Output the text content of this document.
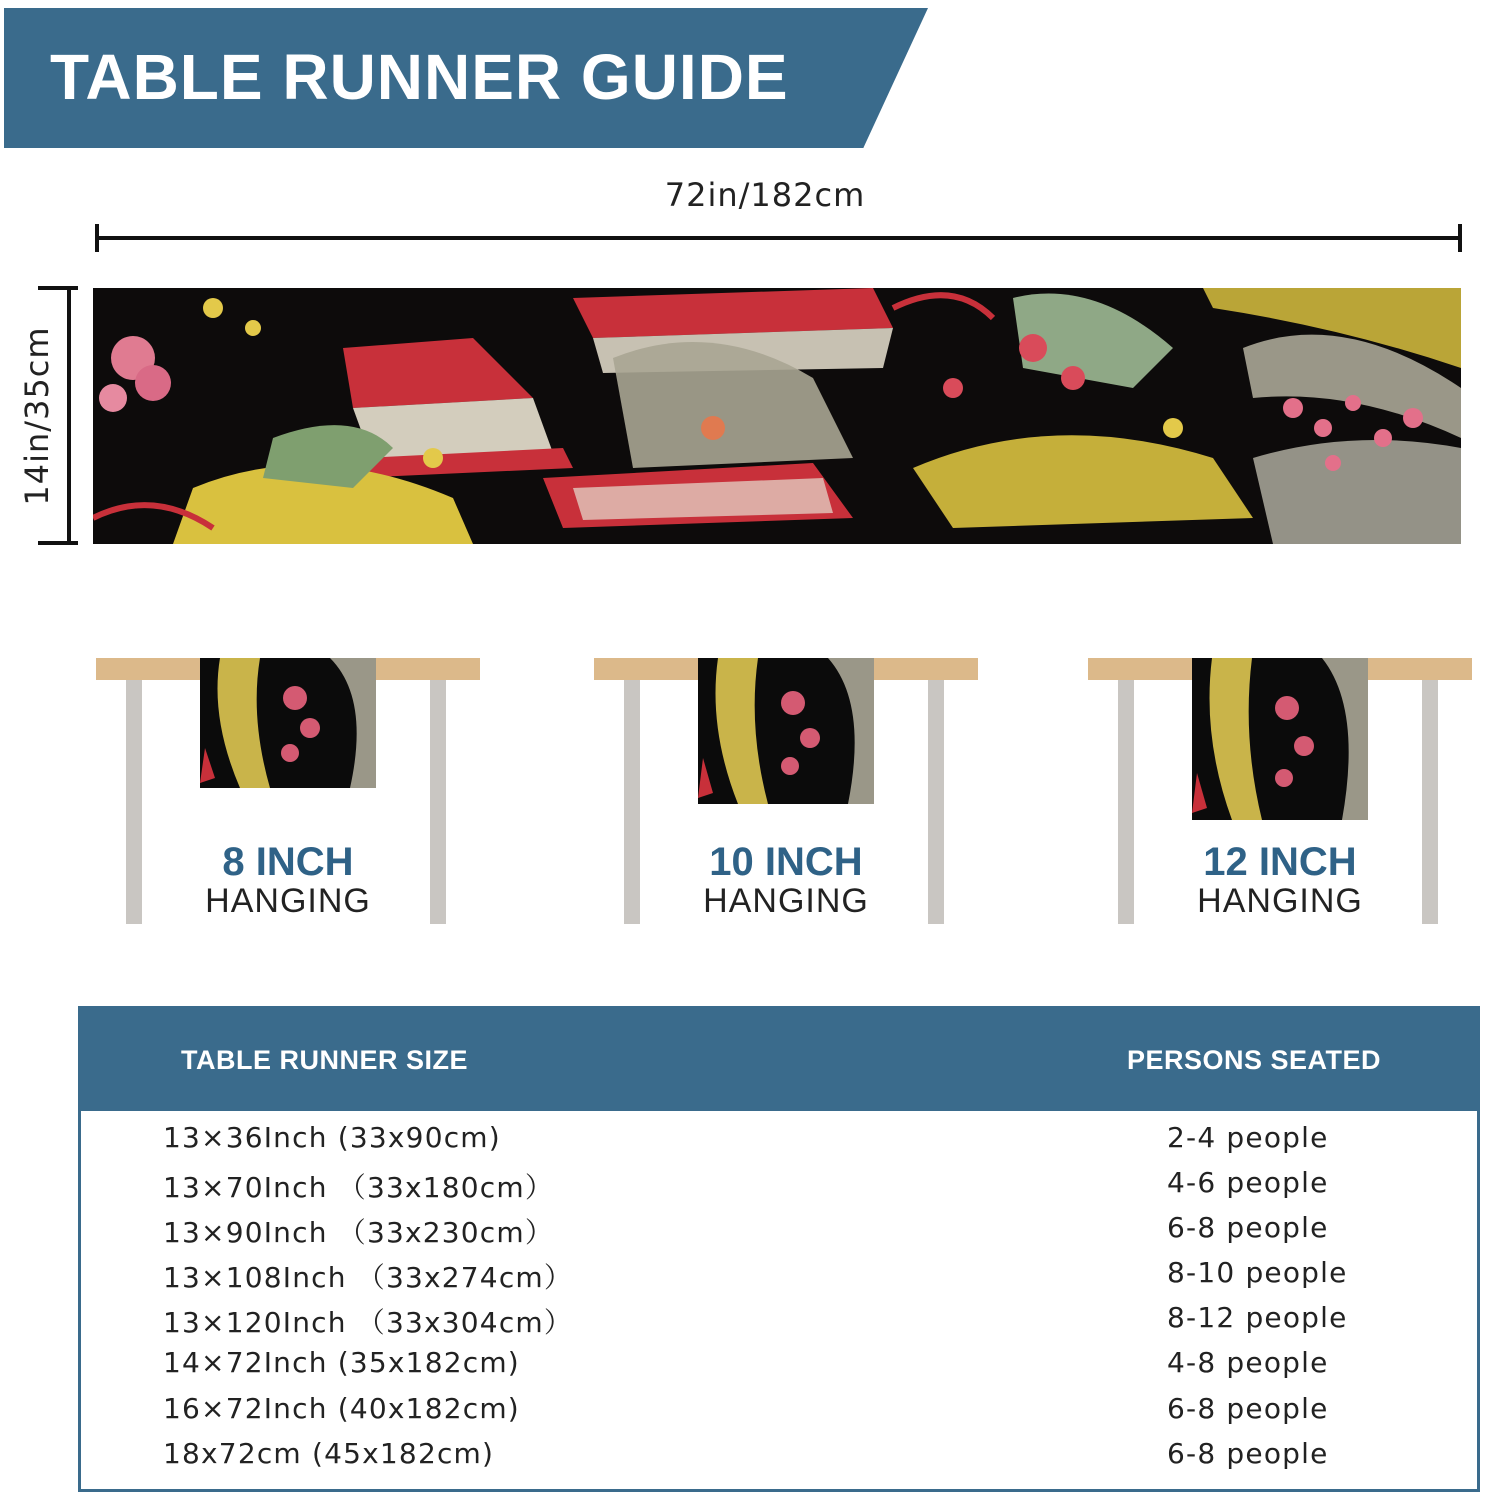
TABLE RUNNER GUIDE
72in/182cm
14in/35cm
8 INCH
HANGING
10 INCH
HANGING
12 INCH
HANGING
TABLE RUNNER SIZE	PERSONS SEATED
13×36Inch (33x90cm)	2-4 people
13×70Inch （33x180cm）	4-6 people
13×90Inch （33x230cm）	6-8 people
13×108Inch （33x274cm）	8-10 people
13×120Inch （33x304cm）	8-12 people
14×72Inch (35x182cm)	4-8 people
16×72Inch (40x182cm)	6-8 people
18x72cm (45x182cm)	6-8 people
